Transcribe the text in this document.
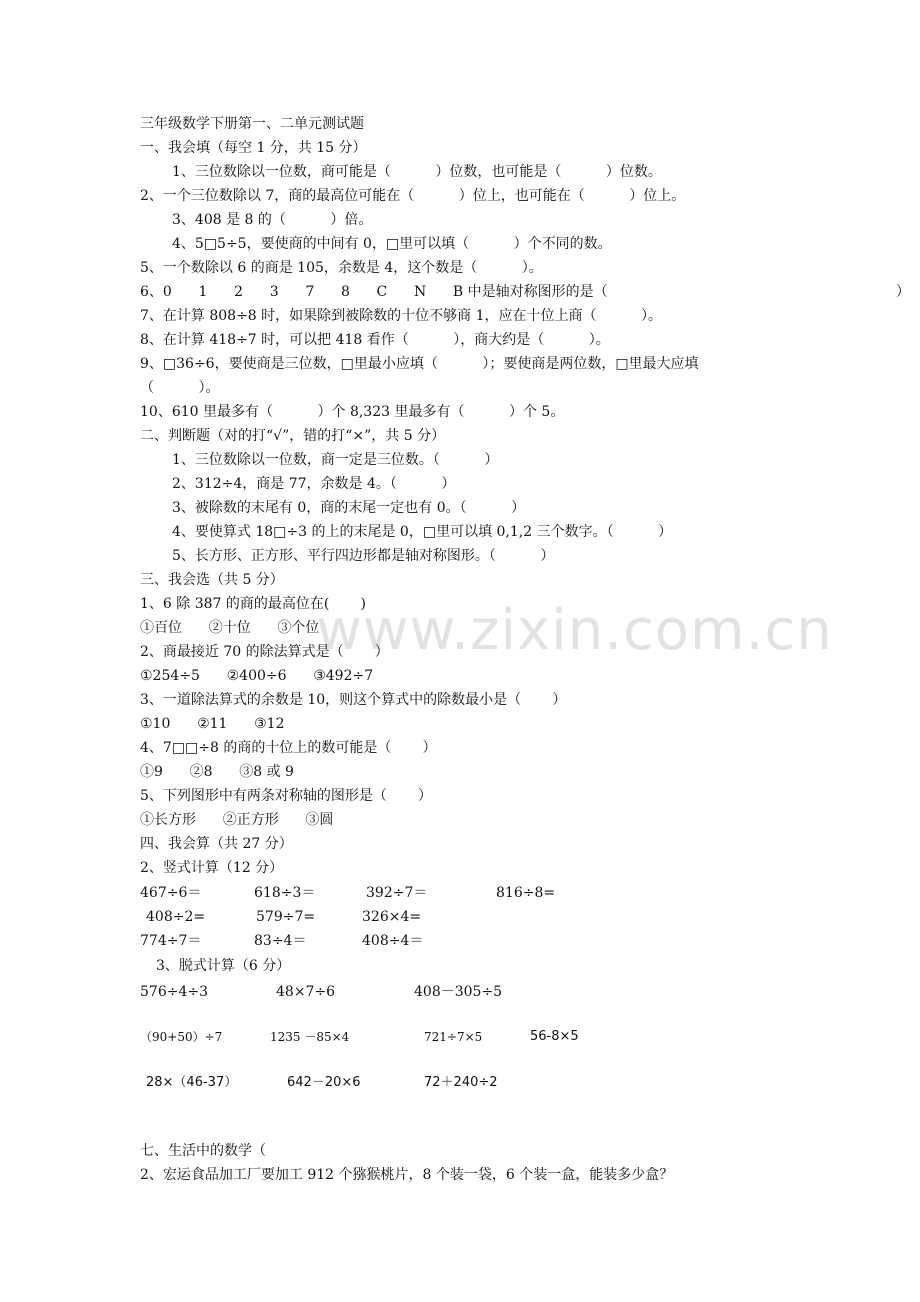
www.zixin.com.cn

三年级数学下册第一、二单元测试题

一、我会填（每空 1 分，共 15 分）

1、三位数除以一位数，商可能是（          ）位数，也可能是（          ）位数。

2、一个三位数除以 7，商的最高位可能在（          ）位上，也可能在（          ）位上。

3、408 是 8 的（          ）倍。

4、5□5÷5，要使商的中间有 0，□里可以填（          ）个不同的数。

5、一个数除以 6 的商是 105，余数是 4，这个数是（          ）。

6、0      1      2      3      7      8      C      N      B 中是轴对称图形的是（	）

7、在计算 808÷8 时，如果除到被除数的十位不够商 1，应在十位上商（          ）。

8、在计算 418÷7 时，可以把 418 看作（          ），商大约是（          ）。

9、□36÷6，要使商是三位数，□里最小应填（          ）；要使商是两位数，□里最大应填

（          ）。

10、610 里最多有（          ）个 8,323 里最多有（          ）个 5。

二、判断题（对的打“√”，错的打“×”，共 5 分）

1、三位数除以一位数，商一定是三位数。（          ）

2、312÷4，商是 77，余数是 4。（          ）

3、被除数的末尾有 0，商的末尾一定也有 0。（          ）

4、要使算式 18□÷3 的上的末尾是 0，□里可以填 0,1,2 三个数字。（          ）

5、长方形、正方形、平行四边形都是轴对称图形。（          ）

三、我会选（共 5 分）

1、6 除 387 的商的最高位在(       )

①百位      ②十位      ③个位

2、商最接近 70 的除法算式是（       ）

①254÷5      ②400÷6      ③492÷7

3、一道除法算式的余数是 10，则这个算式中的除数最小是（       ）

①10      ②11      ③12

4、7□□÷8 的商的十位上的数可能是（       ）

①9      ②8      ③8 或 9

5、下列图形中有两条对称轴的图形是（       ）

①长方形      ②正方形      ③圆

四、我会算（共 27 分）

2、竖式计算（12 分）

467÷6＝	618÷3＝	392÷7＝	816÷8=

408÷2=	579÷7=	326×4=

774÷7＝	83÷4＝	408÷4＝

3、脱式计算（6 分）

576÷4÷3	48×7÷6	408－305÷5

（90+50）÷7	1235 －85×4	721÷7×5	56-8×5

28×（46-37）	642－20×6	72＋240÷2

七、生活中的数学（

2、宏运食品加工厂要加工 912 个猕猴桃片，8 个装一袋，6 个装一盒，能装多少盒？
